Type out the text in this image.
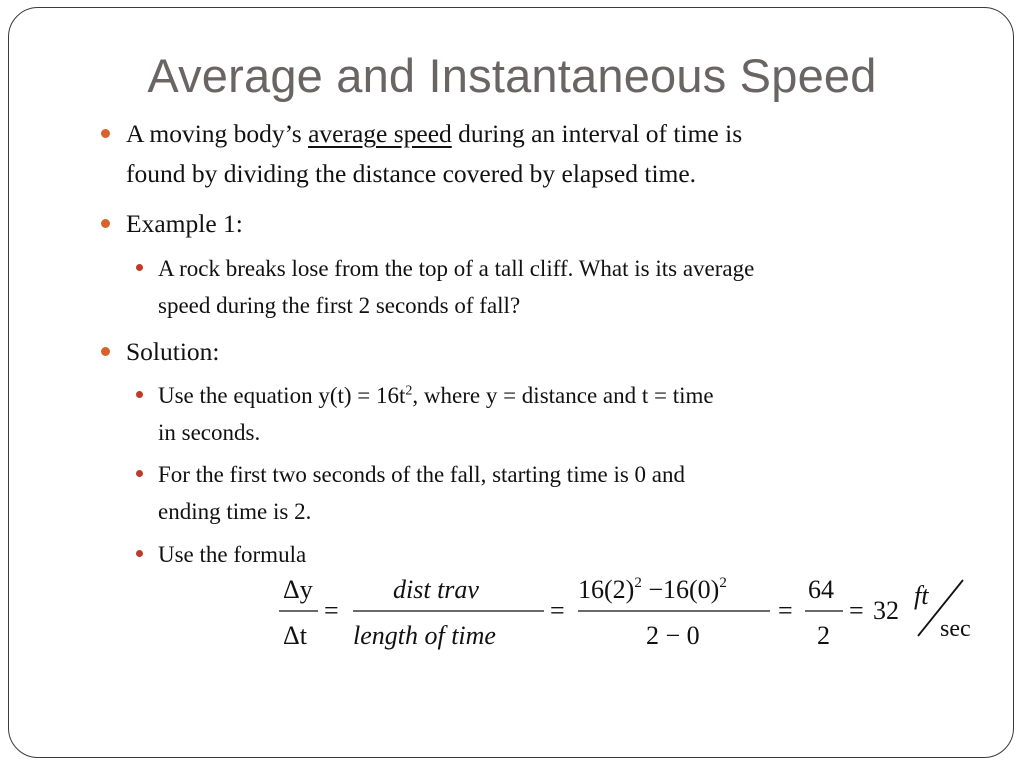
Average and Instantaneous Speed
A moving body’s average speed during an interval of time is
found by dividing the distance covered by elapsed time.
Example 1:
A rock breaks lose from the top of a tall cliff. What is its average
speed during the first 2 seconds of fall?
Solution:
Use the equation $y(t) = 16t^2$, where y = distance and t = time
in seconds.
For the first two seconds of the fall, starting time is 0 and
ending time is 2.
Use the formula
Δy
Δt
=
dist trav
length of time
=
$16(2)^2 -16(0)^2$
2 − 0
=
64
2
= 32
ft
sec
